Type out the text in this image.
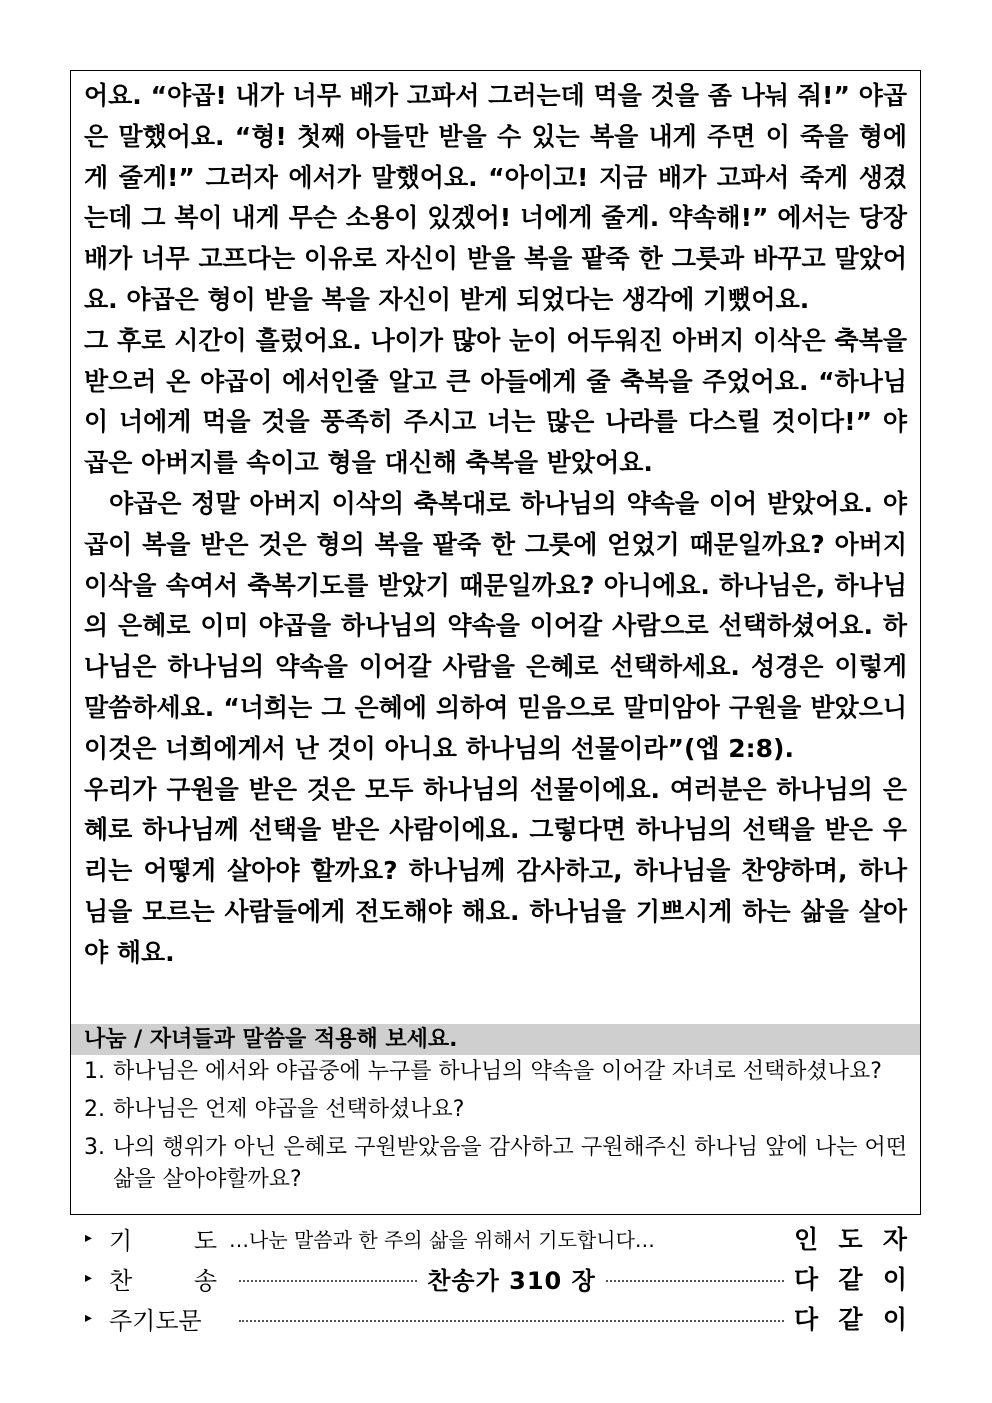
어요. “야곱! 내가 너무 배가 고파서 그러는데 먹을 것을 좀 나눠 줘!” 야곱은 말했어요. “형! 첫째 아들만 받을 수 있는 복을 내게 주면 이 죽을 형에게 줄게!” 그러자 에서가 말했어요. “아이고! 지금 배가 고파서 죽게 생겼는데 그 복이 내게 무슨 소용이 있겠어! 너에게 줄게. 약속해!” 에서는 당장 배가 너무 고프다는 이유로 자신이 받을 복을 팥죽 한 그릇과 바꾸고 말았어요. 야곱은 형이 받을 복을 자신이 받게 되었다는 생각에 기뻤어요.

그 후로 시간이 흘렀어요. 나이가 많아 눈이 어두워진 아버지 이삭은 축복을 받으러 온 야곱이 에서인줄 알고 큰 아들에게 줄 축복을 주었어요. “하나님이 너에게 먹을 것을 풍족히 주시고 너는 많은 나라를 다스릴 것이다!” 야곱은 아버지를 속이고 형을 대신해 축복을 받았어요.

야곱은 정말 아버지 이삭의 축복대로 하나님의 약속을 이어 받았어요. 야곱이 복을 받은 것은 형의 복을 팥죽 한 그릇에 얻었기 때문일까요? 아버지 이삭을 속여서 축복기도를 받았기 때문일까요? 아니에요. 하나님은, 하나님의 은혜로 이미 야곱을 하나님의 약속을 이어갈 사람으로 선택하셨어요. 하나님은 하나님의 약속을 이어갈 사람을 은혜로 선택하세요. 성경은 이렇게 말씀하세요. “너희는 그 은혜에 의하여 믿음으로 말미암아 구원을 받았으니 이것은 너희에게서 난 것이 아니요 하나님의 선물이라”(엡 2:8).

우리가 구원을 받은 것은 모두 하나님의 선물이에요. 여러분은 하나님의 은혜로 하나님께 선택을 받은 사람이에요. 그렇다면 하나님의 선택을 받은 우리는 어떻게 살아야 할까요? 하나님께 감사하고, 하나님을 찬양하며, 하나님을 모르는 사람들에게 전도해야 해요. 하나님을 기쁘시게 하는 삶을 살아야 해요.

나눔 / 자녀들과 말씀을 적용해 보세요.
1. 하나님은 에서와 야곱중에 누구를 하나님의 약속을 이어갈 자녀로 선택하셨나요?
2. 하나님은 언제 야곱을 선택하셨나요?
3. 나의 행위가 아닌 은혜로 구원받았음을 감사하고 구원해주신 하나님 앞에 나는 어떤 삶을 살아야할까요?
▸ 기	도 …나눈 말씀과 한 주의 삶을 위해서 기도합니다…	인 도 자
▸ 찬	송	찬송가 310 장	다 같 이
▸ 주기도문	다 같 이
